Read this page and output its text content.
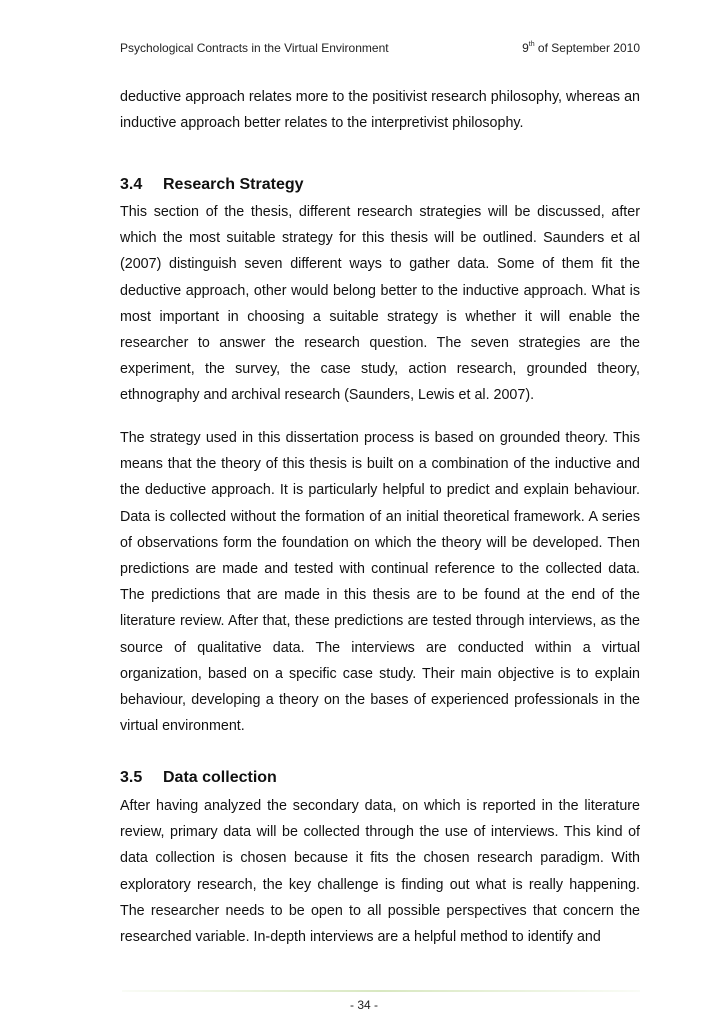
Psychological Contracts in the Virtual Environment	9th of September 2010

deductive approach relates more to the positivist research philosophy, whereas an inductive approach better relates to the interpretivist philosophy.

3.4	Research Strategy

This section of the thesis, different research strategies will be discussed, after which the most suitable strategy for this thesis will be outlined. Saunders et al (2007) distinguish seven different ways to gather data. Some of them fit the deductive approach, other would belong better to the inductive approach. What is most important in choosing a suitable strategy is whether it will enable the researcher to answer the research question. The seven strategies are the experiment, the survey, the case study, action research, grounded theory, ethnography and archival research (Saunders, Lewis et al. 2007).

The strategy used in this dissertation process is based on grounded theory. This means that the theory of this thesis is built on a combination of the inductive and the deductive approach. It is particularly helpful to predict and explain behaviour. Data is collected without the formation of an initial theoretical framework. A series of observations form the foundation on which the theory will be developed. Then predictions are made and tested with continual reference to the collected data. The predictions that are made in this thesis are to be found at the end of the literature review. After that, these predictions are tested through interviews, as the source of qualitative data. The interviews are conducted within a virtual organization, based on a specific case study. Their main objective is to explain behaviour, developing a theory on the bases of experienced professionals in the virtual environment.

3.5	Data collection

After having analyzed the secondary data, on which is reported in the literature review, primary data will be collected through the use of interviews. This kind of data collection is chosen because it fits the chosen research paradigm. With exploratory research, the key challenge is finding out what is really happening. The researcher needs to be open to all possible perspectives that concern the researched variable. In-depth interviews are a helpful method to identify and

- 34 -
